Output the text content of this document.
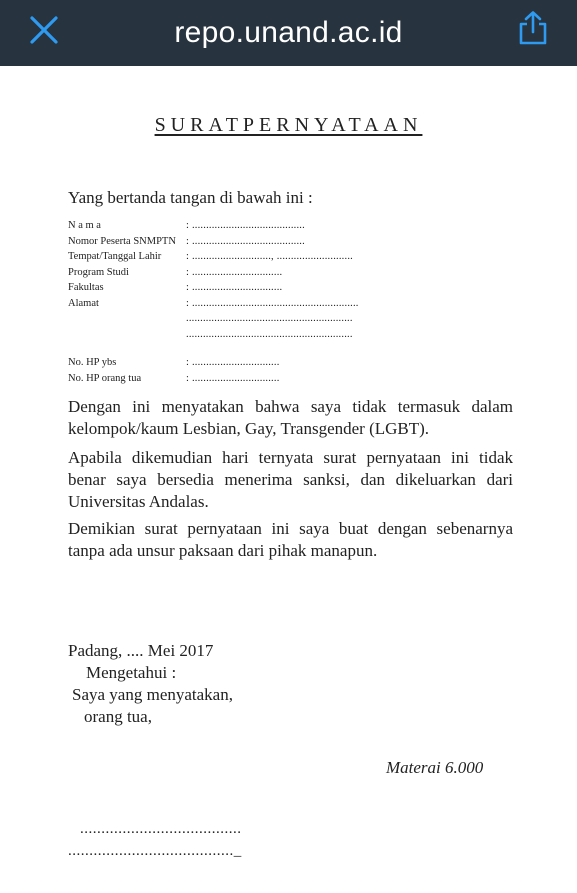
repo.unand.ac.id
SURATPERNYATAAN
Yang bertanda tangan di bawah ini :
N a m a	: ........................................
Nomor Peserta SNMPTN : ........................................
Tempat/Tanggal Lahir	: ............................, ...........................
Program Studi	: ................................
Fakultas	: ................................
Alamat	: ...........................................................
...........................................................
...........................................................
No. HP ybs	: ...............................
No. HP orang tua	: ...............................
Dengan ini menyatakan bahwa saya tidak termasuk dalam kelompok/kaum Lesbian, Gay, Transgender (LGBT).
Apabila dikemudian hari ternyata surat pernyataan ini tidak benar saya bersedia menerima sanksi, dan dikeluarkan dari Universitas Andalas.
Demikian surat pernyataan ini saya buat dengan sebenarnya tanpa ada unsur paksaan dari pihak manapun.
Padang, .... Mei 2017
Mengetahui :
Saya yang menyatakan,
orang tua,
Materai 6.000
......................................
......................................._
